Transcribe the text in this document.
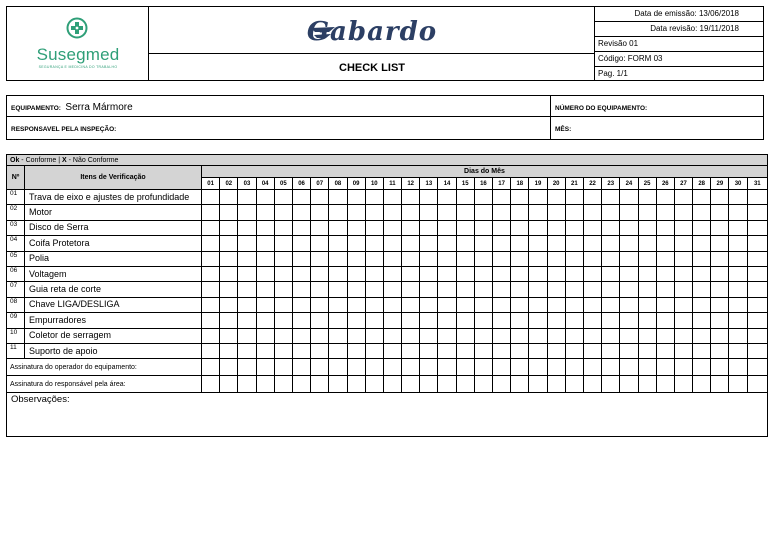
Susegmed
SEGURANÇA E MEDICINA DO TRABALHO
Gabardo
CHECK LIST
Data de emissão: 13/06/2018
Data revisão: 19/11/2018
Revisão 01
Código: FORM 03
Pag. 1/1
EQUIPAMENTO: Serra Mármore	NÚMERO DO EQUIPAMENTO:
RESPONSAVEL PELA INSPEÇÃO:	MÊS:
Ok - Conforme | X - Não Conforme																																
Nº	Itens de Verificação	Dias do Mês																														
		01	02	03	04	05	06	07	08	09	10	11	12	13	14	15	16	17	18	19	20	21	22	23	24	25	26	27	28	29	30	31
01	Trava de eixo e ajustes de profundidade																															
02	Motor																															
03	Disco de Serra																															
04	Coifa Protetora																															
05	Polia																															
06	Voltagem																															
07	Guia reta de corte																															
08	Chave LIGA/DESLIGA																															
09	Empurradores																															
10	Coletor de serragem																															
11	Suporto de apoio																															
Assinatura do operador do equipamento:																																
Assinatura do responsável pela área:																																
Observações:																																
